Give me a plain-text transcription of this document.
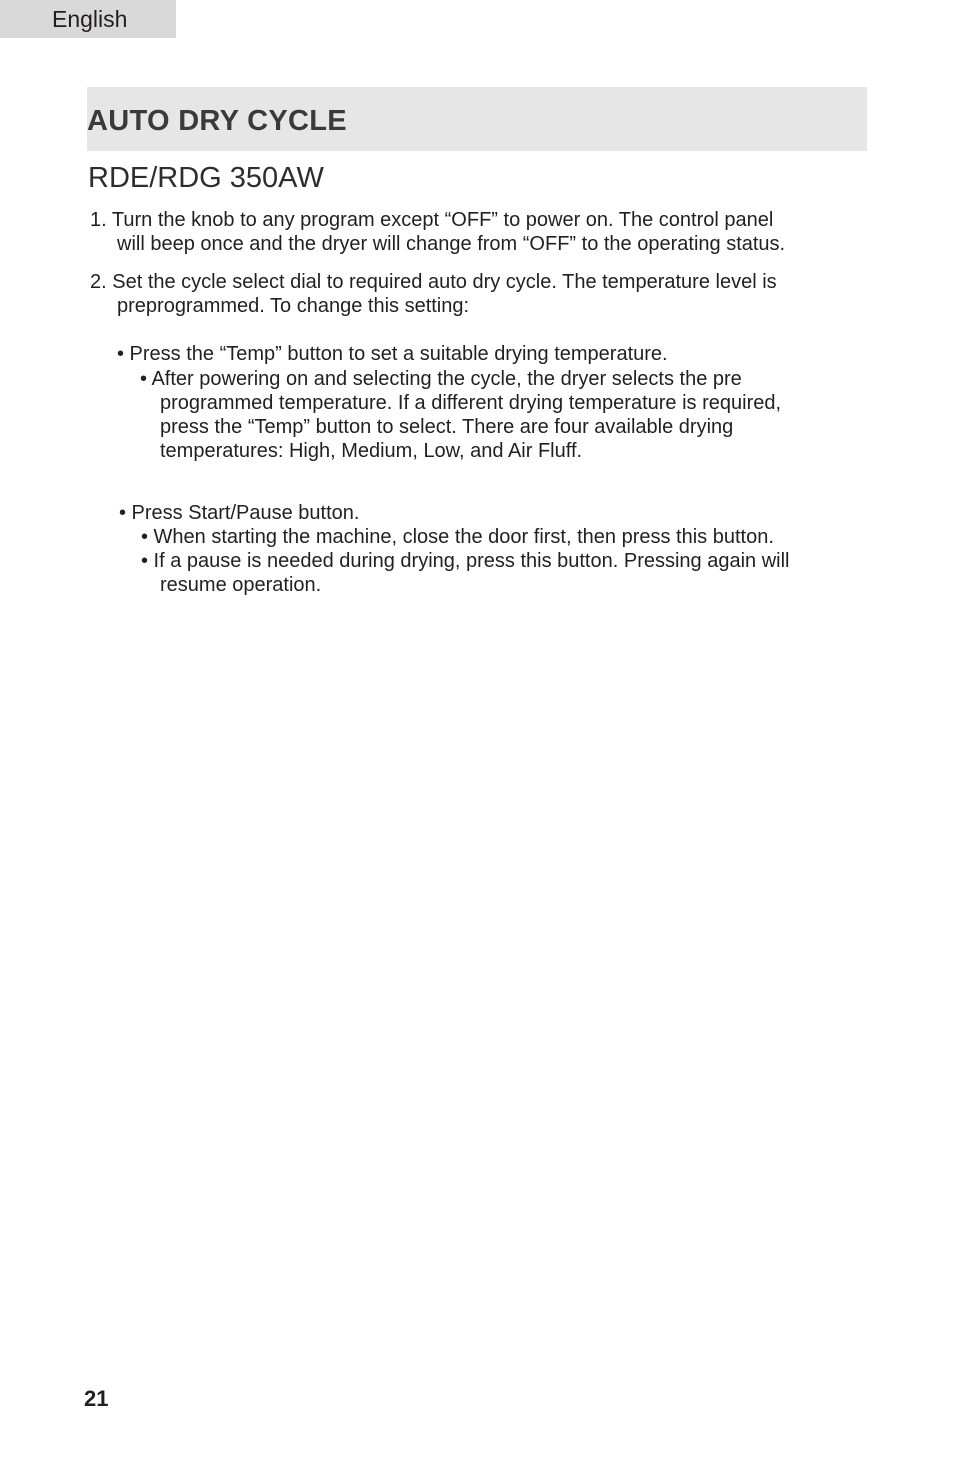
English
AUTO DRY CYCLE
RDE/RDG 350AW

1. Turn the knob to any program except “OFF” to power on. The control panel

will beep once and the dryer will change from “OFF” to the operating status.

2. Set the cycle select dial to required auto dry cycle. The temperature level is

preprogrammed. To change this setting:

• Press the “Temp” button to set a suitable drying temperature.

• After powering on and selecting the cycle, the dryer selects the pre

programmed temperature. If a different drying temperature is required,

press the “Temp” button to select. There are four available drying

temperatures: High, Medium, Low, and Air Fluff.

• Press Start/Pause button.

• When starting the machine, close the door first, then press this button.

• If a pause is needed during drying, press this button. Pressing again will

resume operation.

21
